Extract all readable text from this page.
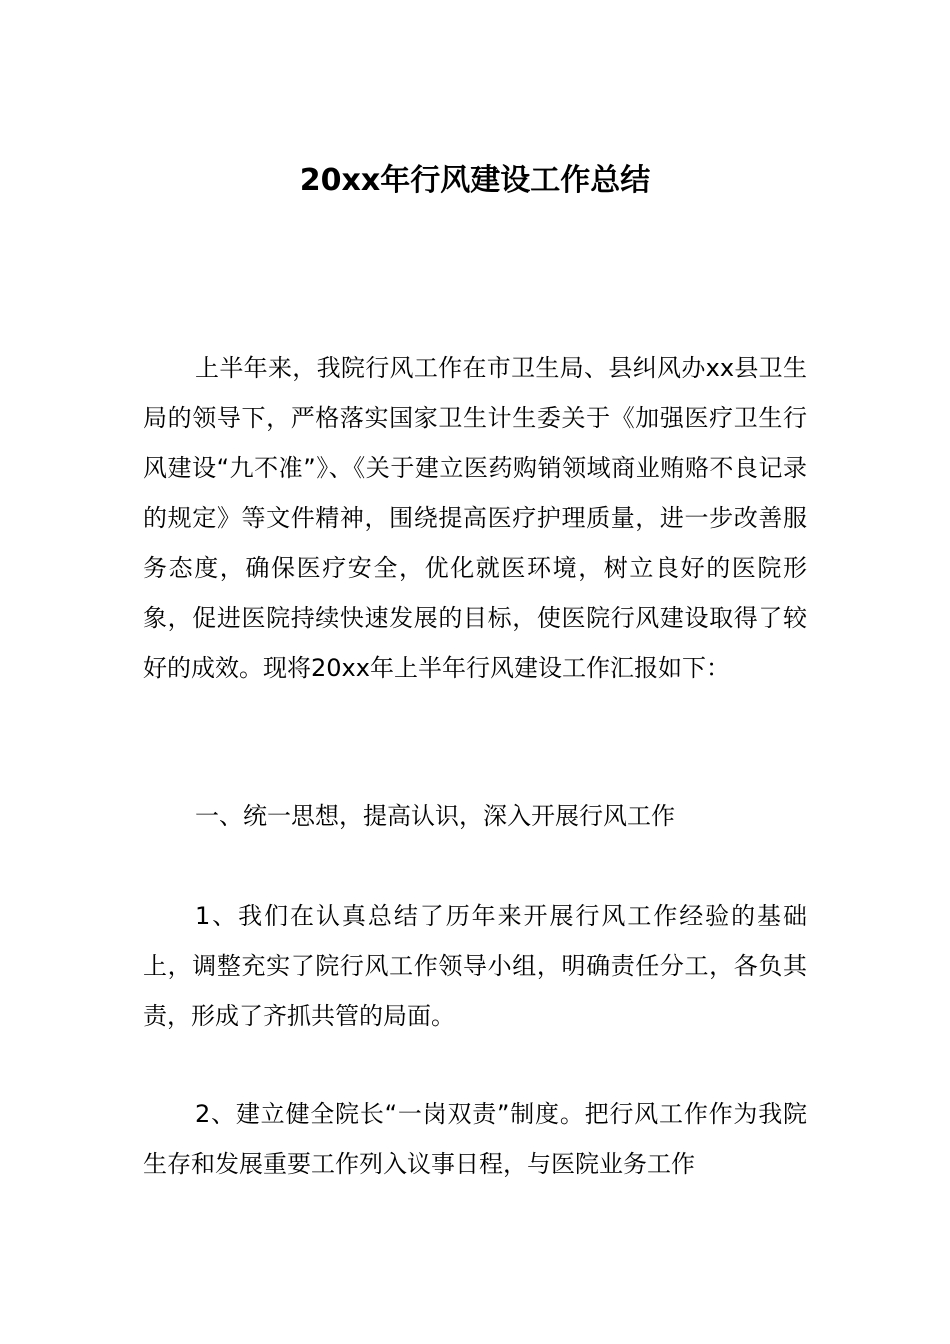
20xx年行风建设工作总结

上半年来，我院行风工作在市卫生局、县纠风办xx县卫生局的领导下，严格落实国家卫生计生委关于《加强医疗卫生行风建设“九不准”》、《关于建立医药购销领域商业贿赂不良记录的规定》等文件精神，围绕提高医疗护理质量，进一步改善服务态度，确保医疗安全，优化就医环境，树立良好的医院形象，促进医院持续快速发展的目标，使医院行风建设取得了较好的成效。现将20xx年上半年行风建设工作汇报如下：

一、统一思想，提高认识，深入开展行风工作

1、我们在认真总结了历年来开展行风工作经验的基础上，调整充实了院行风工作领导小组，明确责任分工，各负其责，形成了齐抓共管的局面。

2、建立健全院长“一岗双责”制度。把行风工作作为我院生存和发展重要工作列入议事日程，与医院业务工作
